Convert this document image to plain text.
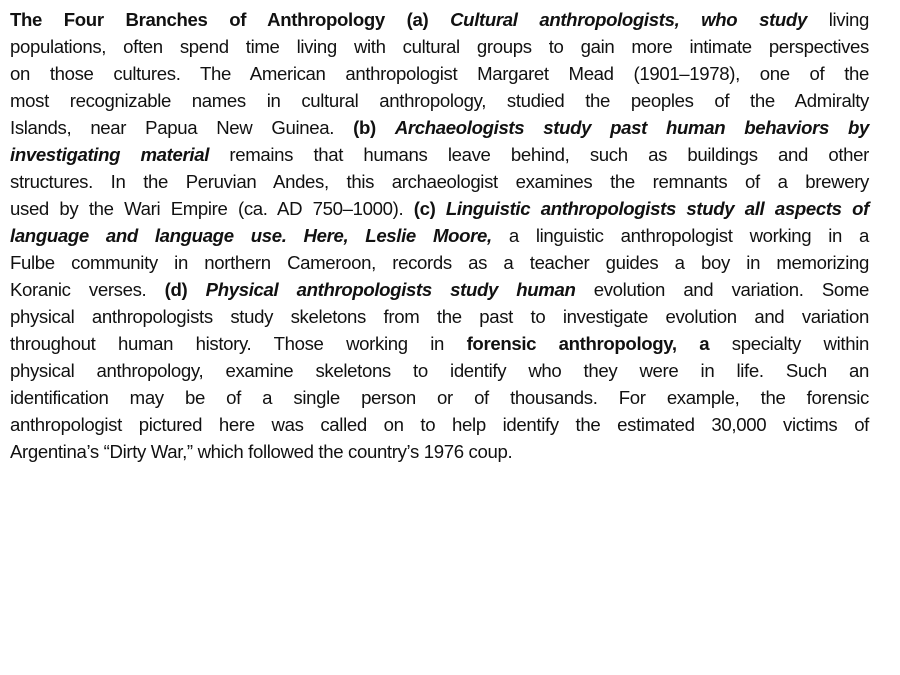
The Four Branches of Anthropology (a) Cultural anthropologists, who study living
populations, often spend time living with cultural groups to gain more intimate perspectives
on those cultures. The American anthropologist Margaret Mead (1901–1978), one of the
most recognizable names in cultural anthropology, studied the peoples of the Admiralty
Islands, near Papua New Guinea. (b) Archaeologists study past human behaviors by
investigating material remains that humans leave behind, such as buildings and other
structures. In the Peruvian Andes, this archaeologist examines the remnants of a brewery
used by the Wari Empire (ca. AD 750–1000). (c) Linguistic anthropologists study all aspects of
language and language use. Here, Leslie Moore, a linguistic anthropologist working in a
Fulbe community in northern Cameroon, records as a teacher guides a boy in memorizing
Koranic verses. (d) Physical anthropologists study human evolution and variation. Some
physical anthropologists study skeletons from the past to investigate evolution and variation
throughout human history. Those working in forensic anthropology, a specialty within
physical anthropology, examine skeletons to identify who they were in life. Such an
identification may be of a single person or of thousands. For example, the forensic
anthropologist pictured here was called on to help identify the estimated 30,000 victims of
Argentina’s “Dirty War,” which followed the country’s 1976 coup.
